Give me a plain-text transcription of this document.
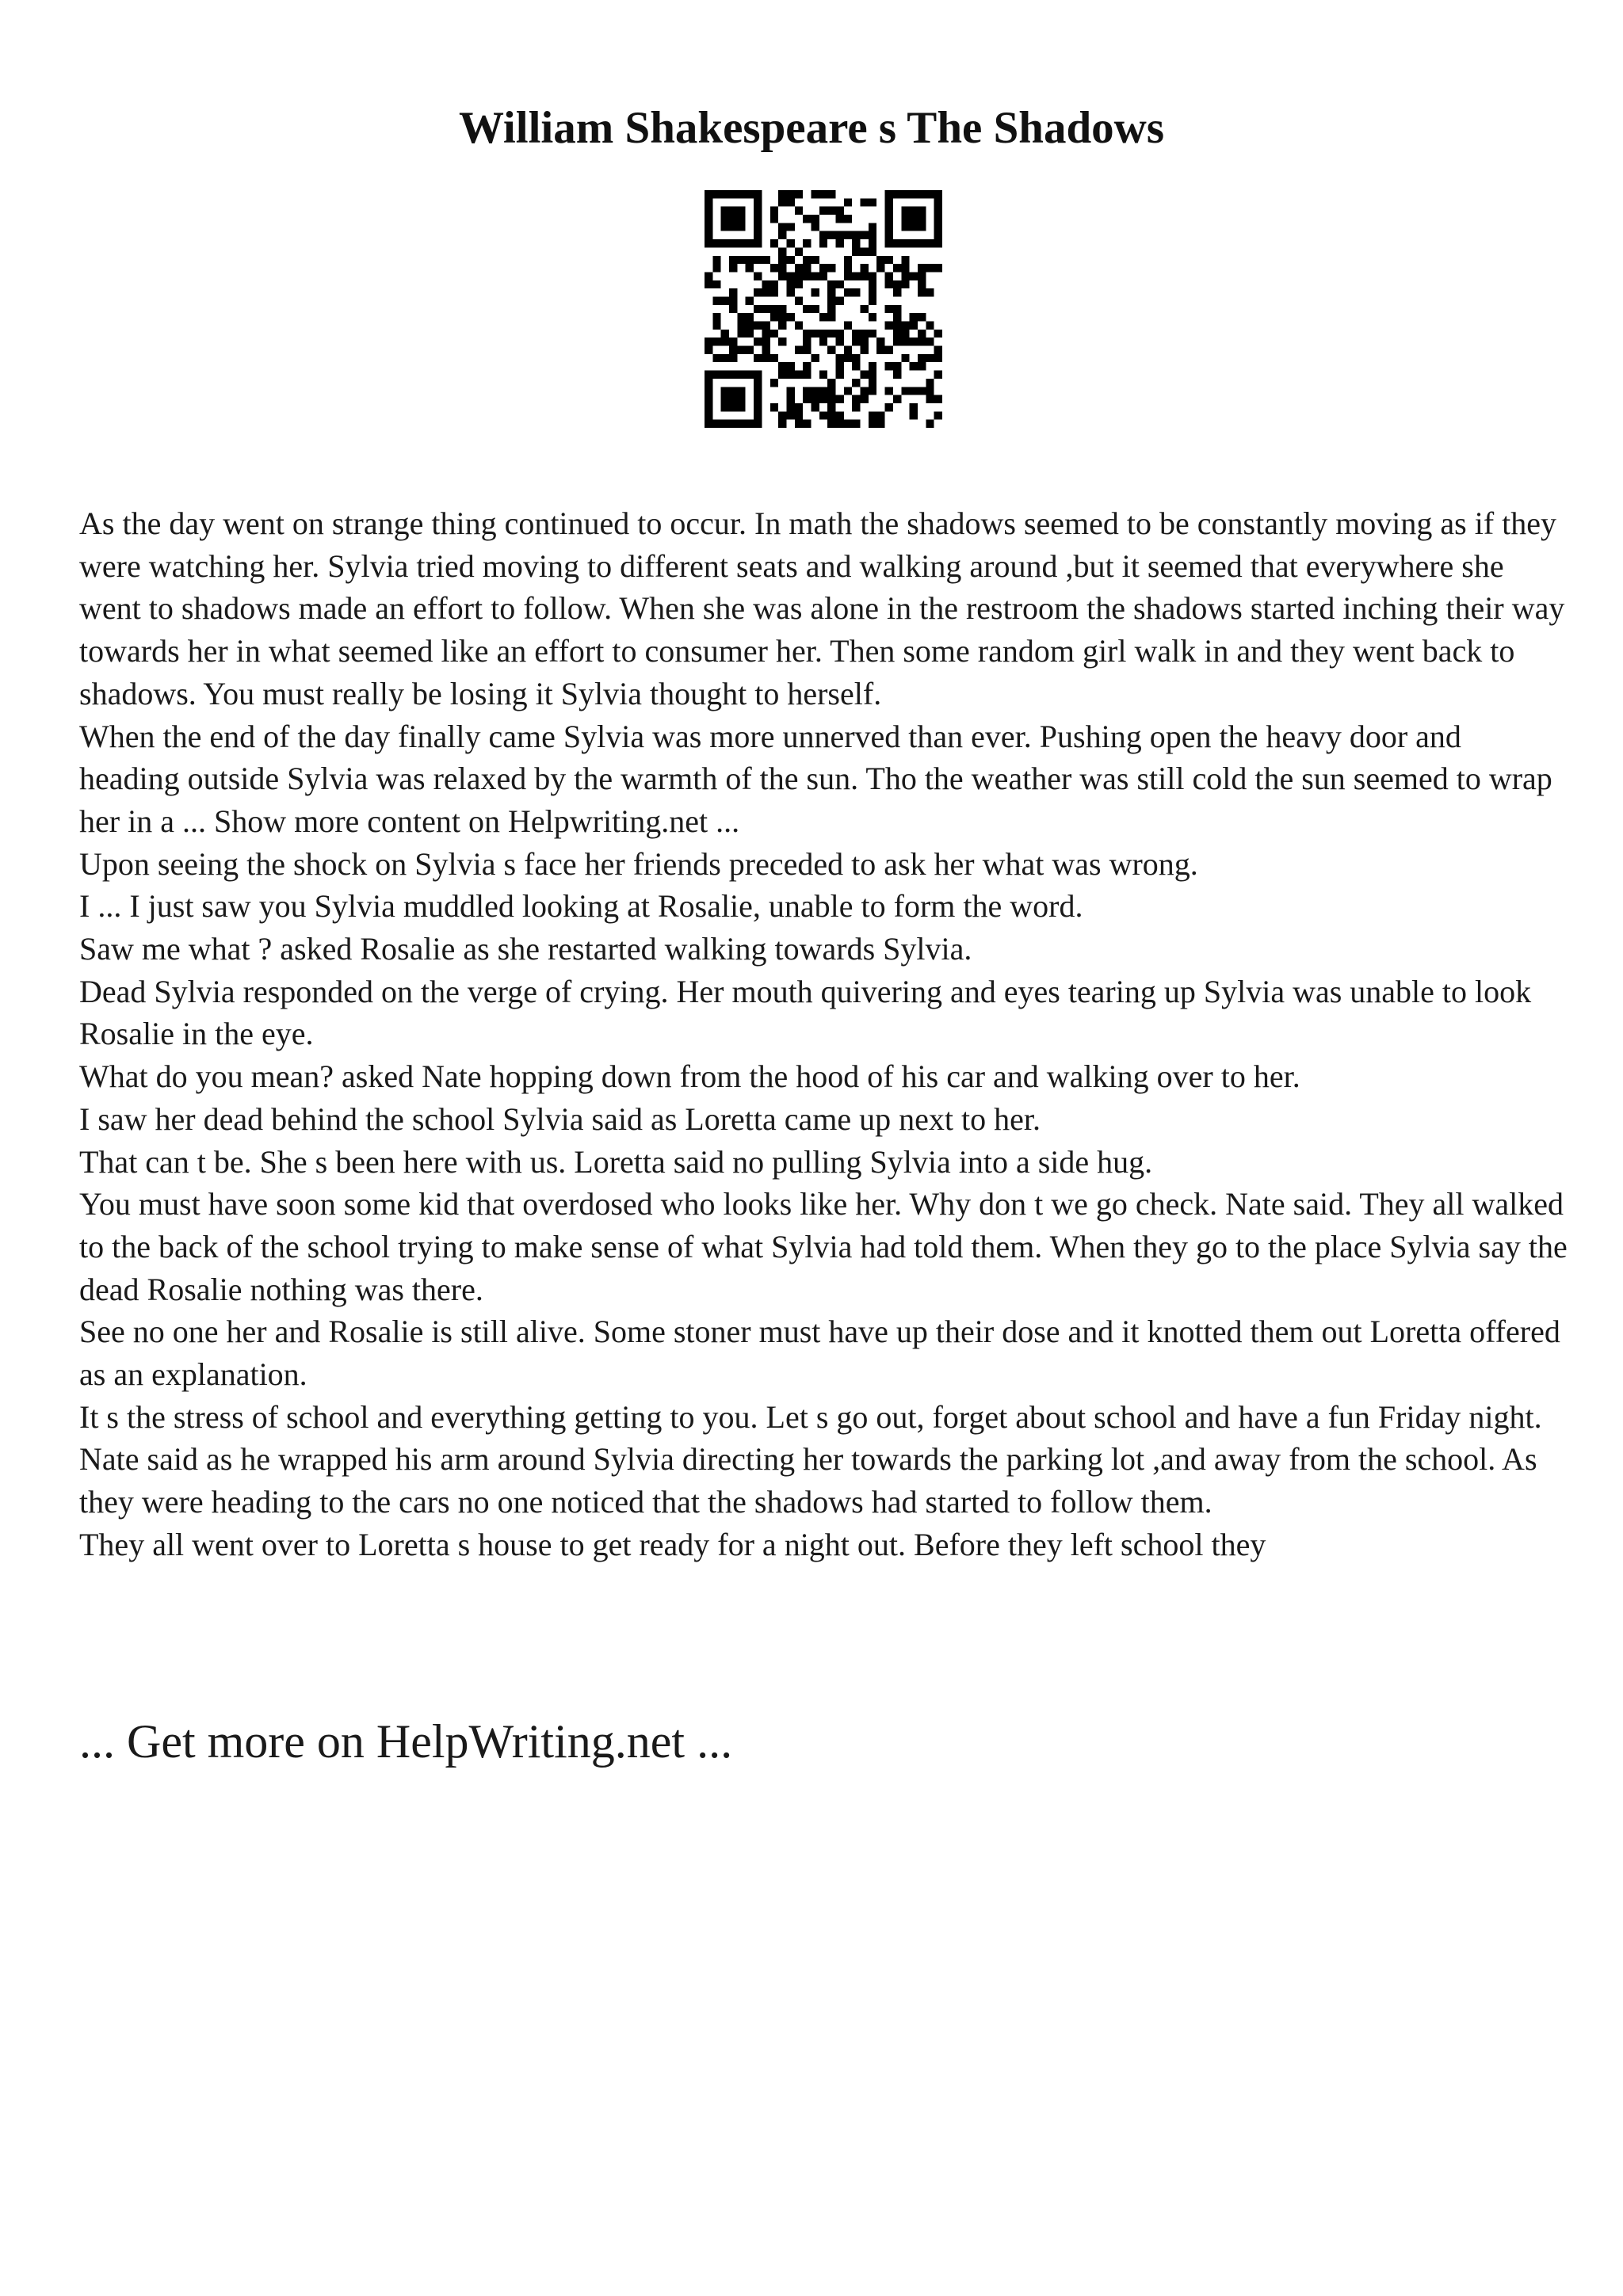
William Shakespeare s The Shadows

As the day went on strange thing continued to occur. In math the shadows seemed to be constantly moving as if they were watching her. Sylvia tried moving to different seats and walking around ,but it seemed that everywhere she went to shadows made an effort to follow. When she was alone in the restroom the shadows started inching their way towards her in what seemed like an effort to consumer her. Then some random girl walk in and they went back to shadows. You must really be losing it Sylvia thought to herself.

When the end of the day finally came Sylvia was more unnerved than ever. Pushing open the heavy door and heading outside Sylvia was relaxed by the warmth of the sun. Tho the weather was still cold the sun seemed to wrap her in a ... Show more content on Helpwriting.net ...

Upon seeing the shock on Sylvia s face her friends preceded to ask her what was wrong.

I ... I just saw you Sylvia muddled looking at Rosalie, unable to form the word.

Saw me what ? asked Rosalie as she restarted walking towards Sylvia.

Dead Sylvia responded on the verge of crying. Her mouth quivering and eyes tearing up Sylvia was unable to look Rosalie in the eye.

What do you mean? asked Nate hopping down from the hood of his car and walking over to her.

I saw her dead behind the school Sylvia said as Loretta came up next to her.

That can t be. She s been here with us. Loretta said no pulling Sylvia into a side hug.

You must have soon some kid that overdosed who looks like her. Why don t we go check. Nate said. They all walked to the back of the school trying to make sense of what Sylvia had told them. When they go to the place Sylvia say the dead Rosalie nothing was there.

See no one her and Rosalie is still alive. Some stoner must have up their dose and it knotted them out Loretta offered as an explanation.

It s the stress of school and everything getting to you. Let s go out, forget about school and have a fun Friday night. Nate said as he wrapped his arm around Sylvia directing her towards the parking lot ,and away from the school. As they were heading to the cars no one noticed that the shadows had started to follow them.

They all went over to Loretta s house to get ready for a night out. Before they left school they

... Get more on HelpWriting.net ...
